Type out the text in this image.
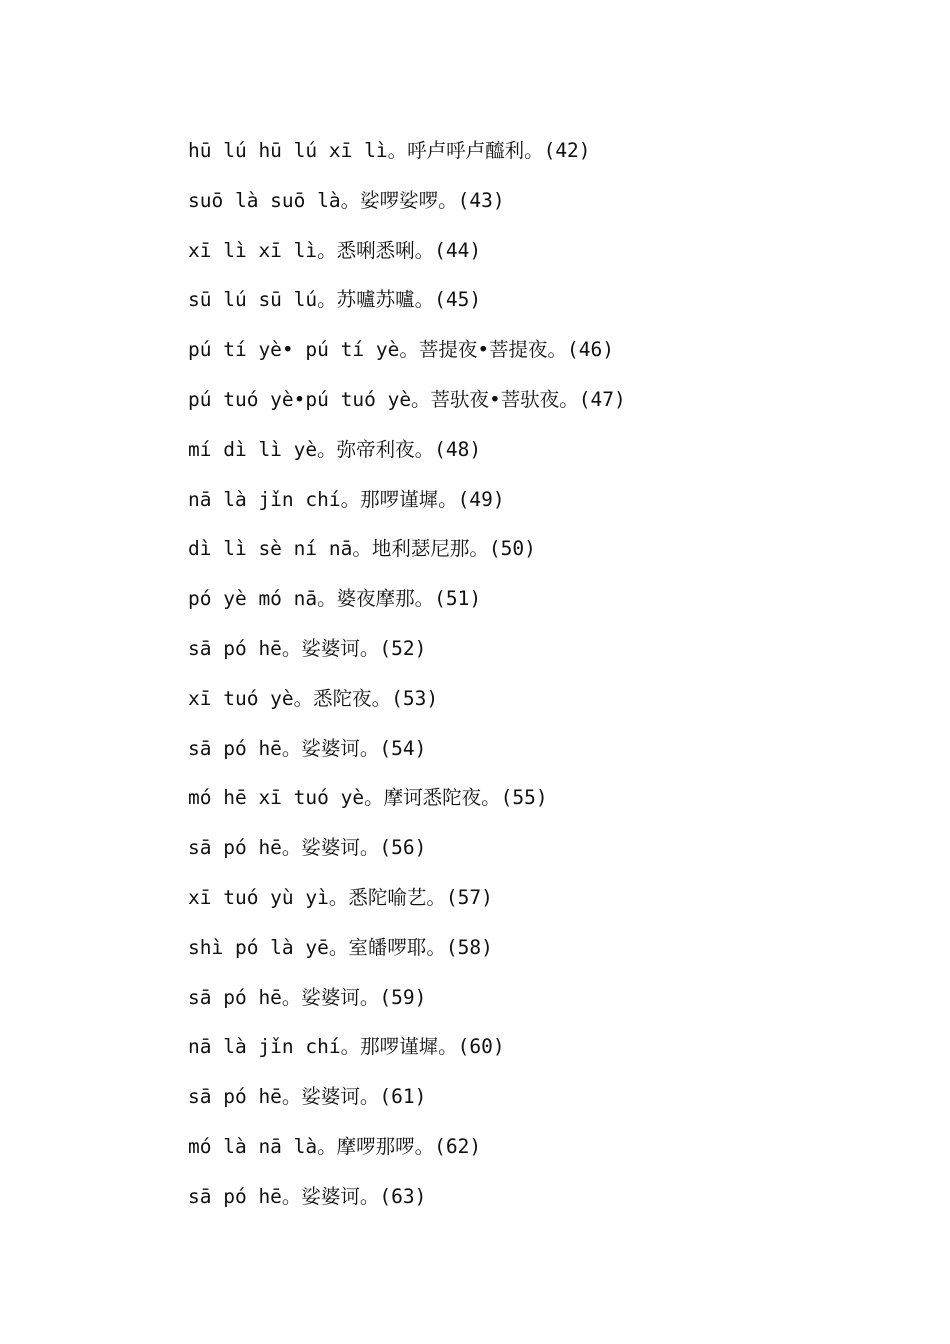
hū lú hū lú xī lì。呼卢呼卢醯利。(42)
suō là suō là。娑啰娑啰。(43)
xī lì xī lì。悉唎悉唎。(44)
sū lú sū lú。苏嚧苏嚧。(45)
pú tí yè• pú tí yè。菩提夜•菩提夜。(46)
pú tuó yè•pú tuó yè。菩驮夜•菩驮夜。(47)
mí dì lì yè。弥帝利夜。(48)
nā là jǐn chí。那啰谨墀。(49)
dì lì sè ní nā。地利瑟尼那。(50)
pó yè mó nā。婆夜摩那。(51)
sā pó hē。娑婆诃。(52)
xī tuó yè。悉陀夜。(53)
sā pó hē。娑婆诃。(54)
mó hē xī tuó yè。摩诃悉陀夜。(55)
sā pó hē。娑婆诃。(56)
xī tuó yù yì。悉陀喻艺。(57)
shì pó là yē。室皤啰耶。(58)
sā pó hē。娑婆诃。(59)
nā là jǐn chí。那啰谨墀。(60)
sā pó hē。娑婆诃。(61)
mó là nā là。摩啰那啰。(62)
sā pó hē。娑婆诃。(63)
